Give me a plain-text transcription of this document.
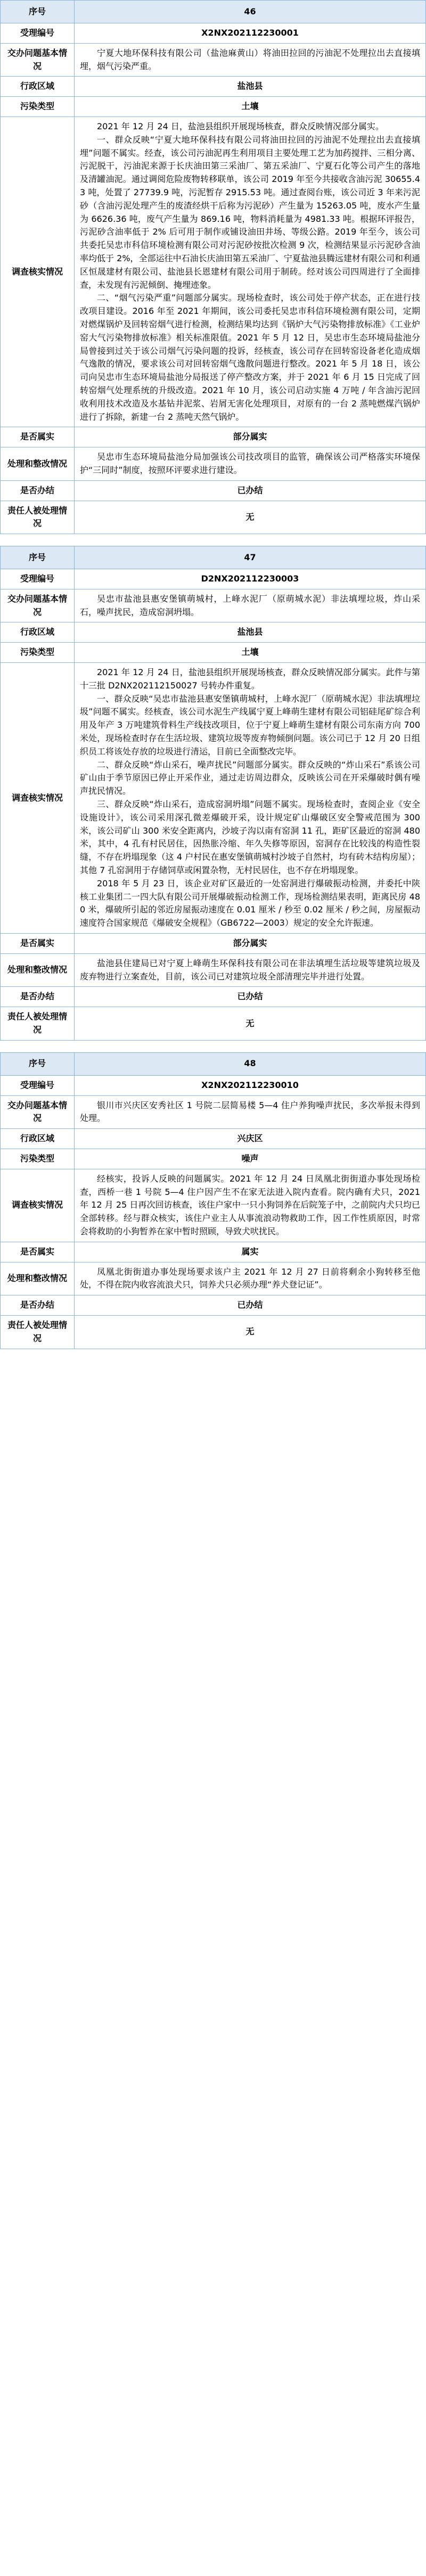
序号	46
受理编号	X2NX202112230001
交办问题基本情况	宁夏大地环保科技有限公司（盐池麻黄山）将油田拉回的污油泥不处理拉出去直接填埋，烟气污染严重。

行政区域	盐池县
污染类型	土壤
调查核实情况	2021 年 12 月 24 日，盐池县组织开展现场核查，群众反映情况部分属实。

一、群众反映“宁夏大地环保科技有限公司将油田拉回的污油泥不处理拉出去直接填埋”问题不属实。经查，该公司污油泥再生利用项目主要处理工艺为加药搅拌、三相分离、污泥脱干，污油泥来源于长庆油田第三采油厂、第五采油厂、宁夏石化等公司产生的落地及清罐油泥。通过调阅危险废物转移联单，该公司 2019 年至今共接收含油污泥 30655.43 吨，处置了 27739.9 吨，污泥暂存 2915.53 吨。通过查阅台账，该公司近 3 年来污泥砂（含油污泥处理产生的废渣经烘干后称为污泥砂）产生量为 15263.05 吨，废水产生量为 6626.36 吨，废气产生量为 869.16 吨，物料消耗量为 4981.33 吨。根据环评报告，污泥砂含油率低于 2% 后可用于制作或铺设油田井场、等级公路。2019 年至今，该公司共委托吴忠市科信环境检测有限公司对污泥砂按批次检测 9 次，检测结果显示污泥砂含油率均低于 2%，全部运往中石油长庆油田第五采油厂、宁夏盐池县腾远建材有限公司和利通区恒晟建材有限公司、盐池县长恩建材有限公司用于制砖。经对该公司四周进行了全面排查，未发现有污泥倾倒、掩埋迹象。

二、“烟气污染严重”问题部分属实。现场检查时，该公司处于停产状态，正在进行技改项目建设。2016 年至 2021 年期间，该公司委托吴忠市科信环境检测有限公司，定期对燃煤锅炉及回转窑烟气进行检测，检测结果均达到《锅炉大气污染物排放标准》《工业炉窑大气污染物排放标准》相关标准限值。2021 年 5 月 12 日，吴忠市生态环境局盐池分局曾接到过关于该公司烟气污染问题的投诉，经核查，该公司存在回转窑设备老化造成烟气逸散的情况，要求该公司对回转窑烟气逸散问题进行整改。2021 年 5 月 18 日，该公司向吴忠市生态环境局盐池分局报送了停产整改方案，并于 2021 年 6 月 15 日完成了回转窑烟气处理系统的升级改造。2021 年 10 月，该公司启动实施 4 万吨 / 年含油污泥回收利用技术改造及水基钻井泥浆、岩屑无害化处理项目，对原有的一台 2 蒸吨燃煤汽锅炉进行了拆除，新建一台 2 蒸吨天然气锅炉。

是否属实	部分属实
处理和整改情况	吴忠市生态环境局盐池分局加强该公司技改项目的监管，确保该公司严格落实环境保护“三同时”制度，按照环评要求进行建设。

是否办结	已办结
责任人被处理情况	无
序号	47
受理编号	D2NX202112230003
交办问题基本情况	吴忠市盐池县惠安堡镇萌城村，上峰水泥厂（原萌城水泥）非法填埋垃圾，炸山采石，噪声扰民，造成窑洞坍塌。

行政区域	盐池县
污染类型	土壤
调查核实情况	2021 年 12 月 24 日，盐池县组织开展现场核查，群众反映情况部分属实。此件与第十三批 D2NX202112150027 号转办件重复。

一、群众反映“吴忠市盐池县惠安堡镇萌城村，上峰水泥厂（原萌城水泥）非法填埋垃圾”问题不属实。经核查，该公司水泥生产线属宁夏上峰萌生建材有限公司铝硅尾矿综合利用及年产 3 万吨建筑骨料生产线技改项目，位于宁夏上峰萌生建材有限公司东南方向 700 米处，现场检查时存在生活垃圾、建筑垃圾等废弃物倾倒问题。该公司已于 12 月 20 日组织员工将该处存放的垃圾进行清运，目前已全面整改完毕。

二、群众反映“炸山采石，噪声扰民”问题部分属实。群众反映的“炸山采石”系该公司矿山由于季节原因已停止开采作业，通过走访周边群众，反映该公司在开采爆破时偶有噪声扰民情况。

三、群众反映“炸山采石，造成窑洞坍塌”问题不属实。现场检查时，查阅企业《安全设施设计》，该公司采用深孔微差爆破开采，设计规定矿山爆破区安全警戒范围为 300 米，该公司矿山 300 米安全距离内，沙坡子沟以南有窑洞 11 孔，距矿区最近的窑洞 480 米，其中，4 孔有村民居住，因热胀冷缩、年久失修等原因，窑洞存在比较浅的构造性裂缝，不存在坍塌现象（这 4 户村民在惠安堡镇萌城村沙坡子自然村，均有砖木结构房屋）；其他 7 孔窑洞用于存储饲草或闲置杂物，无村民居住，也不存在坍塌现象。

2018 年 5 月 23 日，该企业对矿区最近的一处窑洞进行爆破振动检测，并委托中陕核工业集团二一四大队有限公司开展爆破振动检测工作，现场检测结果表明，距离民房 480 米，爆破所引起的邻近房屋振动速度在 0.01 厘米 / 秒至 0.02 厘米 / 秒之间，房屋振动速度符合国家规范《爆破安全规程》（GB6722—2003）规定的安全允许振速。

是否属实	部分属实
处理和整改情况	盐池县住建局已对宁夏上峰萌生环保科技有限公司在非法填埋生活垃圾等建筑垃圾及废弃物进行立案查处，目前，该公司已对建筑垃圾全部清理完毕并进行处置。

是否办结	已办结
责任人被处理情况	无
序号	48
受理编号	X2NX202112230010
交办问题基本情况	银川市兴庆区安秀社区 1 号院二层简易楼 5—4 住户养狗噪声扰民，多次举报未得到处理。

行政区域	兴庆区
污染类型	噪声
调查核实情况	经核实，投诉人反映的问题属实。2021 年 12 月 24 日凤凰北街街道办事处现场检查，西桥一巷 1 号院 5—4 住户因产生不在家无法进入院内查看。院内确有犬只，2021 年 12 月 25 日再次回访核查，该住户家中一只小狗饲养在后院笼子中，之前院内犬只均已全部转移。经与群众核实，该住户业主人从事流浪动物救助工作，因工作性质原因，时常会将救助的小狗暂养在家中暂时照顾，导致犬吠扰民。

是否属实	属实
处理和整改情况	凤凰北街街道办事处现场要求该户主 2021 年 12 月 27 日前将剩余小狗转移至他处，不得在院内收容流浪犬只，饲养犬只必须办理“养犬登记证”。

是否办结	已办结
责任人被处理情况	无
